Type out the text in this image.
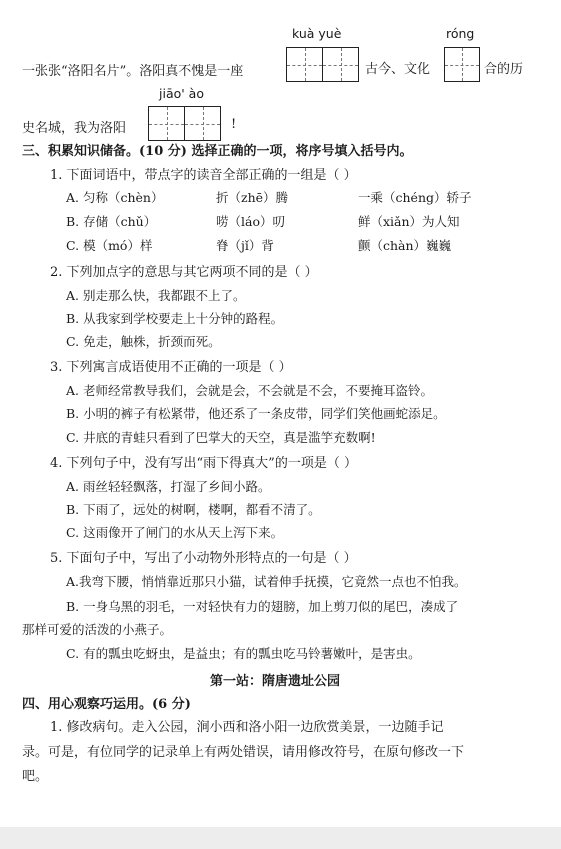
kuà yuè
一张张“洛阳名片”。洛阳真不愧是一座	古今、文化
róng
合的历
jiāo' ào
史名城，我为洛阳	!
三、积累知识储备。(10 分) 选择正确的一项，将序号填入括号内。
1. 下面词语中，带点字的读音全部正确的一组是（ ）
A. 匀称（chèn）	折（zhē）腾	一乘（chéng）轿子
B. 存储（chǔ）	唠（láo）叨	鲜（xiǎn）为人知
C. 模（mó）样	脊（jǐ）背	颤（chàn）巍巍
2. 下列加点字的意思与其它两项不同的是（ ）
A. 别走那么快，我都跟不上了。
B. 从我家到学校要走上十分钟的路程。
C. 免走，触株，折颈而死。
3. 下列寓言成语使用不正确的一项是（ ）
A. 老师经常教导我们，会就是会，不会就是不会，不要掩耳盗铃。
B. 小明的裤子有松紧带，他还系了一条皮带，同学们笑他画蛇添足。
C. 井底的青蛙只看到了巴掌大的天空，真是滥竽充数啊!
4. 下列句子中，没有写出“雨下得真大”的一项是（ ）
A. 雨丝轻轻飘落，打湿了乡间小路。
B. 下雨了，远处的树啊，楼啊，都看不清了。
C. 这雨像开了闸门的水从天上泻下来。
5. 下面句子中，写出了小动物外形特点的一句是（ ）
A.我弯下腰，悄悄靠近那只小猫，试着伸手抚摸，它竟然一点也不怕我。
B. 一身乌黑的羽毛，一对轻快有力的翅膀，加上剪刀似的尾巴，凑成了
那样可爱的活泼的小燕子。
C. 有的瓢虫吃蚜虫，是益虫；有的瓢虫吃马铃薯嫩叶，是害虫。
第一站：隋唐遗址公园
四、用心观察巧运用。(6 分)
1. 修改病句。走入公园，涧小西和洛小阳一边欣赏美景，一边随手记
录。可是，有位同学的记录单上有两处错误，请用修改符号，在原句修改一下
吧。
